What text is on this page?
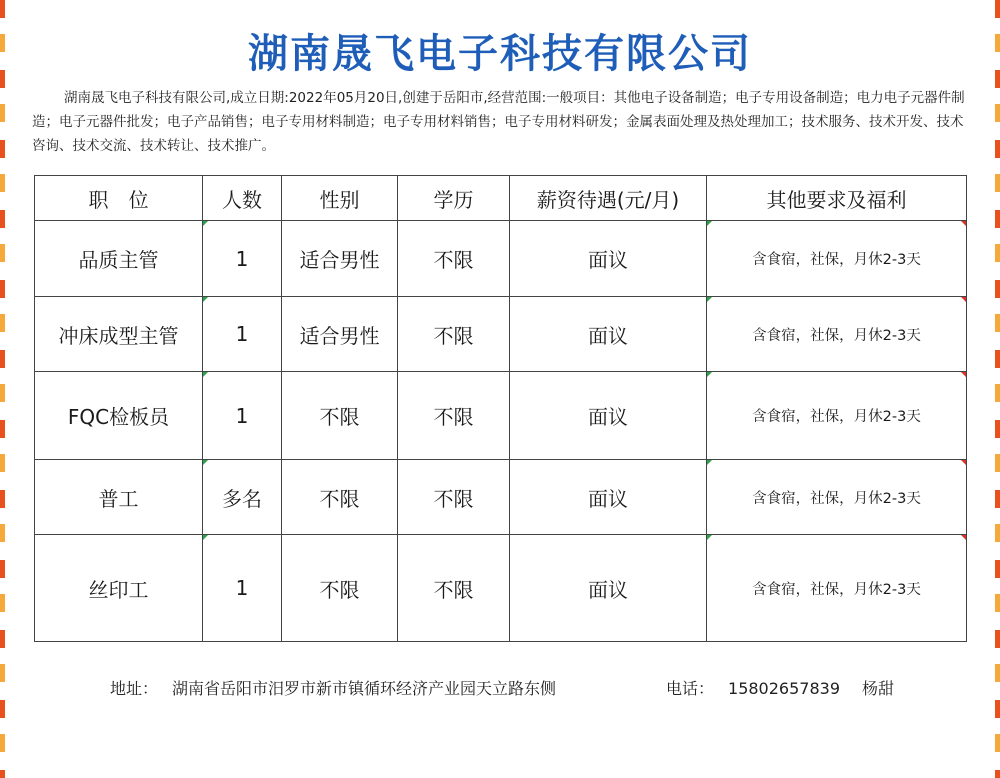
湖南晟飞电子科技有限公司
湖南晟飞电子科技有限公司,成立日期:2022年05月20日,创建于岳阳市,经营范围:一般项目：其他电子设备制造；电子专用设备制造；电力电子元器件制造；电子元器件批发；电子产品销售；电子专用材料制造；电子专用材料销售；电子专用材料研发；金属表面处理及热处理加工；技术服务、技术开发、技术咨询、技术交流、技术转让、技术推广。
职　位	人数	性别	学历	薪资待遇(元/月)	其他要求及福利
品质主管	1	适合男性	不限	面议	含食宿，社保，月休2-3天
冲床成型主管	1	适合男性	不限	面议	含食宿，社保，月休2-3天
FQC检板员	1	不限	不限	面议	含食宿，社保，月休2-3天
普工	多名	不限	不限	面议	含食宿，社保，月休2-3天
丝印工	1	不限	不限	面议	含食宿，社保，月休2-3天
地址： 湖南省岳阳市汨罗市新市镇循环经济产业园天立路东侧	电话： 15802657839 杨甜
